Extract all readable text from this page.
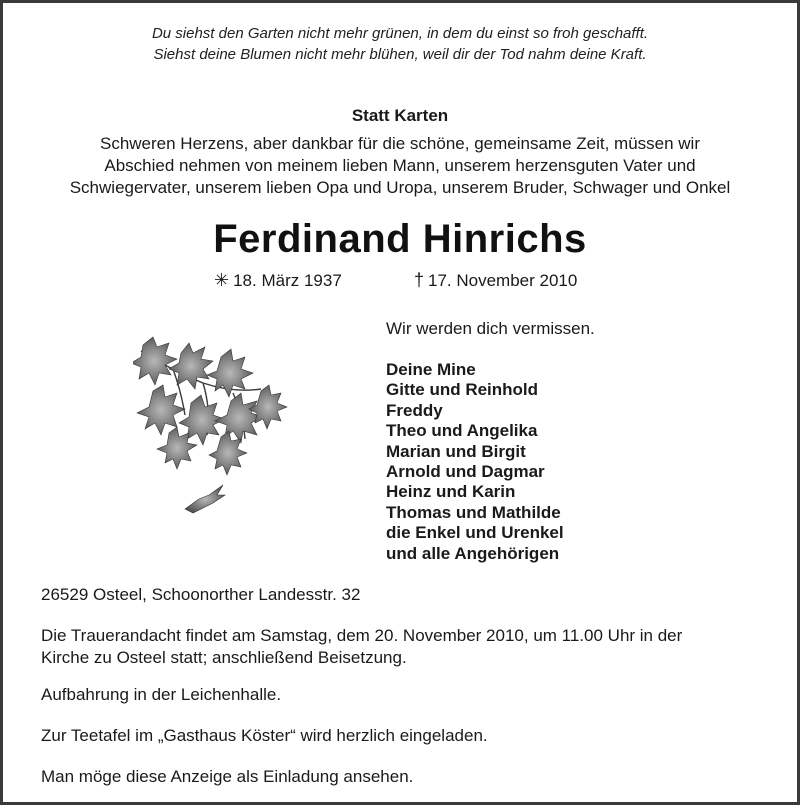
Du siehst den Garten nicht mehr grünen, in dem du einst so froh geschafft.
Siehst deine Blumen nicht mehr blühen, weil dir der Tod nahm deine Kraft.
Statt Karten
Schweren Herzens, aber dankbar für die schöne, gemeinsame Zeit, müssen wir
Abschied nehmen von meinem lieben Mann, unserem herzensguten Vater und
Schwiegervater, unserem lieben Opa und Uropa, unserem Bruder, Schwager und Onkel
Ferdinand Hinrichs
✳ 18. März 1937	† 17. November 2010
Wir werden dich vermissen.
Deine Mine
Gitte und Reinhold
Freddy
Theo und Angelika
Marian und Birgit
Arnold und Dagmar
Heinz und Karin
Thomas und Mathilde
die Enkel und Urenkel
und alle Angehörigen
26529 Osteel, Schoonorther Landesstr. 32
Die Trauerandacht findet am Samstag, dem 20. November 2010, um 11.00 Uhr in der
Kirche zu Osteel statt; anschließend Beisetzung.
Aufbahrung in der Leichenhalle.
Zur Teetafel im „Gasthaus Köster“ wird herzlich eingeladen.
Man möge diese Anzeige als Einladung ansehen.
